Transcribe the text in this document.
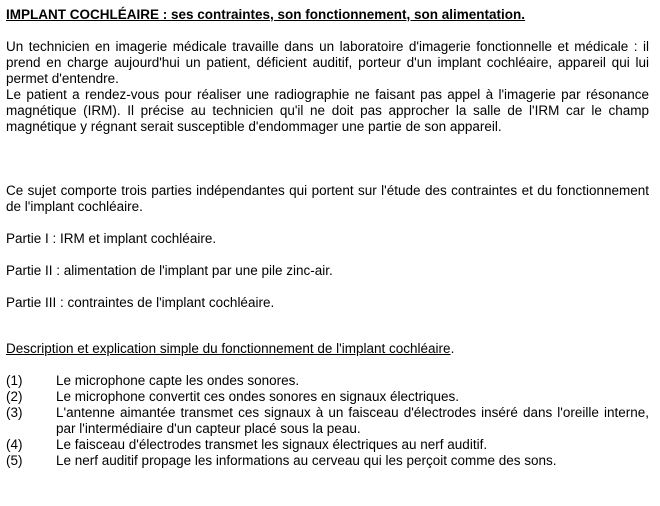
IMPLANT COCHLÉAIRE : ses contraintes, son fonctionnement, son alimentation.

Un technicien en imagerie médicale travaille dans un laboratoire d'imagerie fonctionnelle et médicale : il prend en charge aujourd'hui un patient, déficient auditif, porteur d'un implant cochléaire, appareil qui lui permet d'entendre.

Le patient a rendez-vous pour réaliser une radiographie ne faisant pas appel à l'imagerie par résonance magnétique (IRM). Il précise au technicien qu'il ne doit pas approcher la salle de l'IRM car le champ magnétique y régnant serait susceptible d'endommager une partie de son appareil.

Ce sujet comporte trois parties indépendantes qui portent sur l'étude des contraintes et du fonctionnement de l'implant cochléaire.

Partie I : IRM et implant cochléaire.

Partie II : alimentation de l'implant par une pile zinc-air.

Partie III : contraintes de l'implant cochléaire.

Description et explication simple du fonctionnement de l'implant cochléaire.

(1)	Le microphone capte les ondes sonores.
(2)	Le microphone convertit ces ondes sonores en signaux électriques.
(3)	L'antenne aimantée transmet ces signaux à un faisceau d'électrodes inséré dans l'oreille interne, par l'intermédiaire d'un capteur placé sous la peau.
(4)	Le faisceau d'électrodes transmet les signaux électriques au nerf auditif.
(5)	Le nerf auditif propage les informations au cerveau qui les perçoit comme des sons.
